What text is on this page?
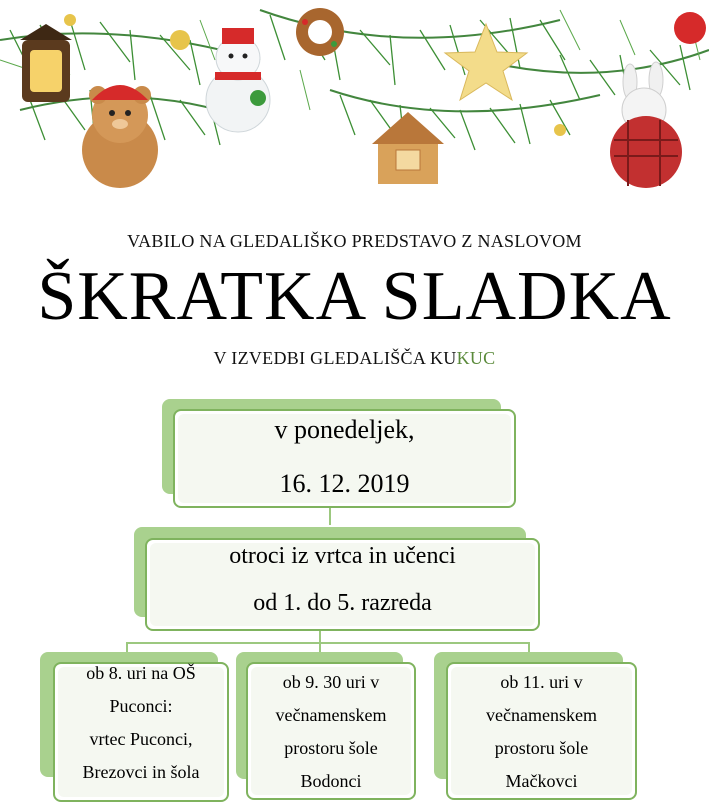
VABILO NA GLEDALIŠKO PREDSTAVO Z NASLOVOM
ŠKRATKA SLADKA
V IZVEDBI GLEDALIŠČA KUKUC
v ponedeljek,
16. 12. 2019
otroci iz vrtca in učenci
od 1. do 5. razreda
ob 8. uri na OŠ
Puconci:
vrtec Puconci,
Brezovci in šola
ob 9. 30 uri v
večnamenskem
prostoru šole
Bodonci
ob 11. uri v
večnamenskem
prostoru šole
Mačkovci
